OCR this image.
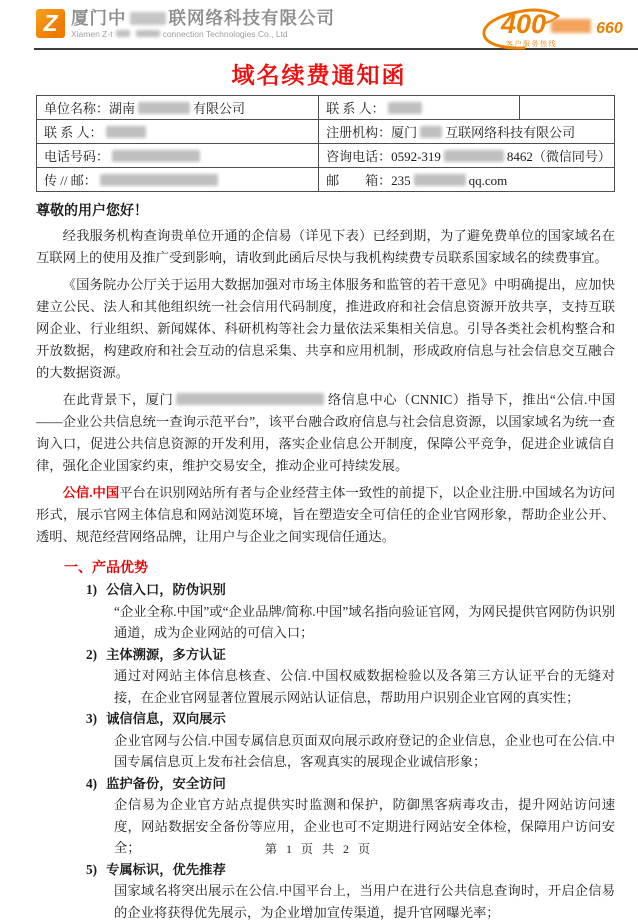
Z 厦门中 联网络科技有限公司
Xiamen Z-t	connection Technologies Co., Ltd	400	660
客户服务热线
域名续费通知函
单位名称：湖南 有限公司	联 系 人：	
联 系 人：	注册机构：厦门 互联网络科技有限公司	
电话号码：	咨询电话：0592-319 8462（微信同号）	
传 // 邮：	邮　　箱：235 qq.com	

尊敬的用户您好！

经我服务机构查询贵单位开通的企信易（详见下表）已经到期，为了避免费单位的国家域名在互联网上的使用及推广受到影响，请收到此函后尽快与我机构续费专员联系国家域名的续费事宜。

《国务院办公厅关于运用大数据加强对市场主体服务和监管的若干意见》中明确提出，应加快建立公民、法人和其他组织统一社会信用代码制度，推进政府和社会信息资源开放共享，支持互联网企业、行业组织、新闻媒体、科研机构等社会力量依法采集相关信息。引导各类社会机构整合和开放数据，构建政府和社会互动的信息采集、共享和应用机制，形成政府信息与社会信息交互融合的大数据资源。

在此背景下，厦门	络信息中心（CNNIC）指导下，推出“公信.中国——企业公共信息统一查询示范平台”，该平台融合政府信息与社会信息资源，以国家域名为统一查询入口，促进公共信息资源的开发利用，落实企业信息公开制度，保障公平竞争，促进企业诚信自律，强化企业国家约束，维护交易安全，推动企业可持续发展。

公信.中国平台在识别网站所有者与企业经营主体一致性的前提下，以企业注册.中国域名为访问形式，展示官网主体信息和网站浏览环境，旨在塑造安全可信任的企业官网形象，帮助企业公开、透明、规范经营网络品牌，让用户与企业之间实现信任通达。

一、产品优势
1) 公信入口，防伪识别
“企业全称.中国”或“企业品牌/简称.中国”域名指向验证官网，为网民提供官网防伪识别通道，成为企业网站的可信入口；
2) 主体溯源，多方认证
通过对网站主体信息核查、公信.中国权威数据检验以及各第三方认证平台的无缝对接，在企业官网显著位置展示网站认证信息，帮助用户识别企业官网的真实性；
3) 诚信信息，双向展示
企业官网与公信.中国专属信息页面双向展示政府登记的企业信息，企业也可在公信.中国专属信息页上发布社会信息，客观真实的展现企业诚信形象；
4) 监护备份，安全访问
企信易为企业官方站点提供实时监测和保护，防御黑客病毒攻击，提升网站访问速度，网站数据安全备份等应用，企业也可不定期进行网站安全体检，保障用户访问安全；
5) 专属标识，优先推荐
国家域名将突出展示在公信.中国平台上，当用户在进行公共信息查询时，开启企信易的企业将获得优先展示，为企业增加宣传渠道，提升官网曝光率；
第 1 页 共 2 页
